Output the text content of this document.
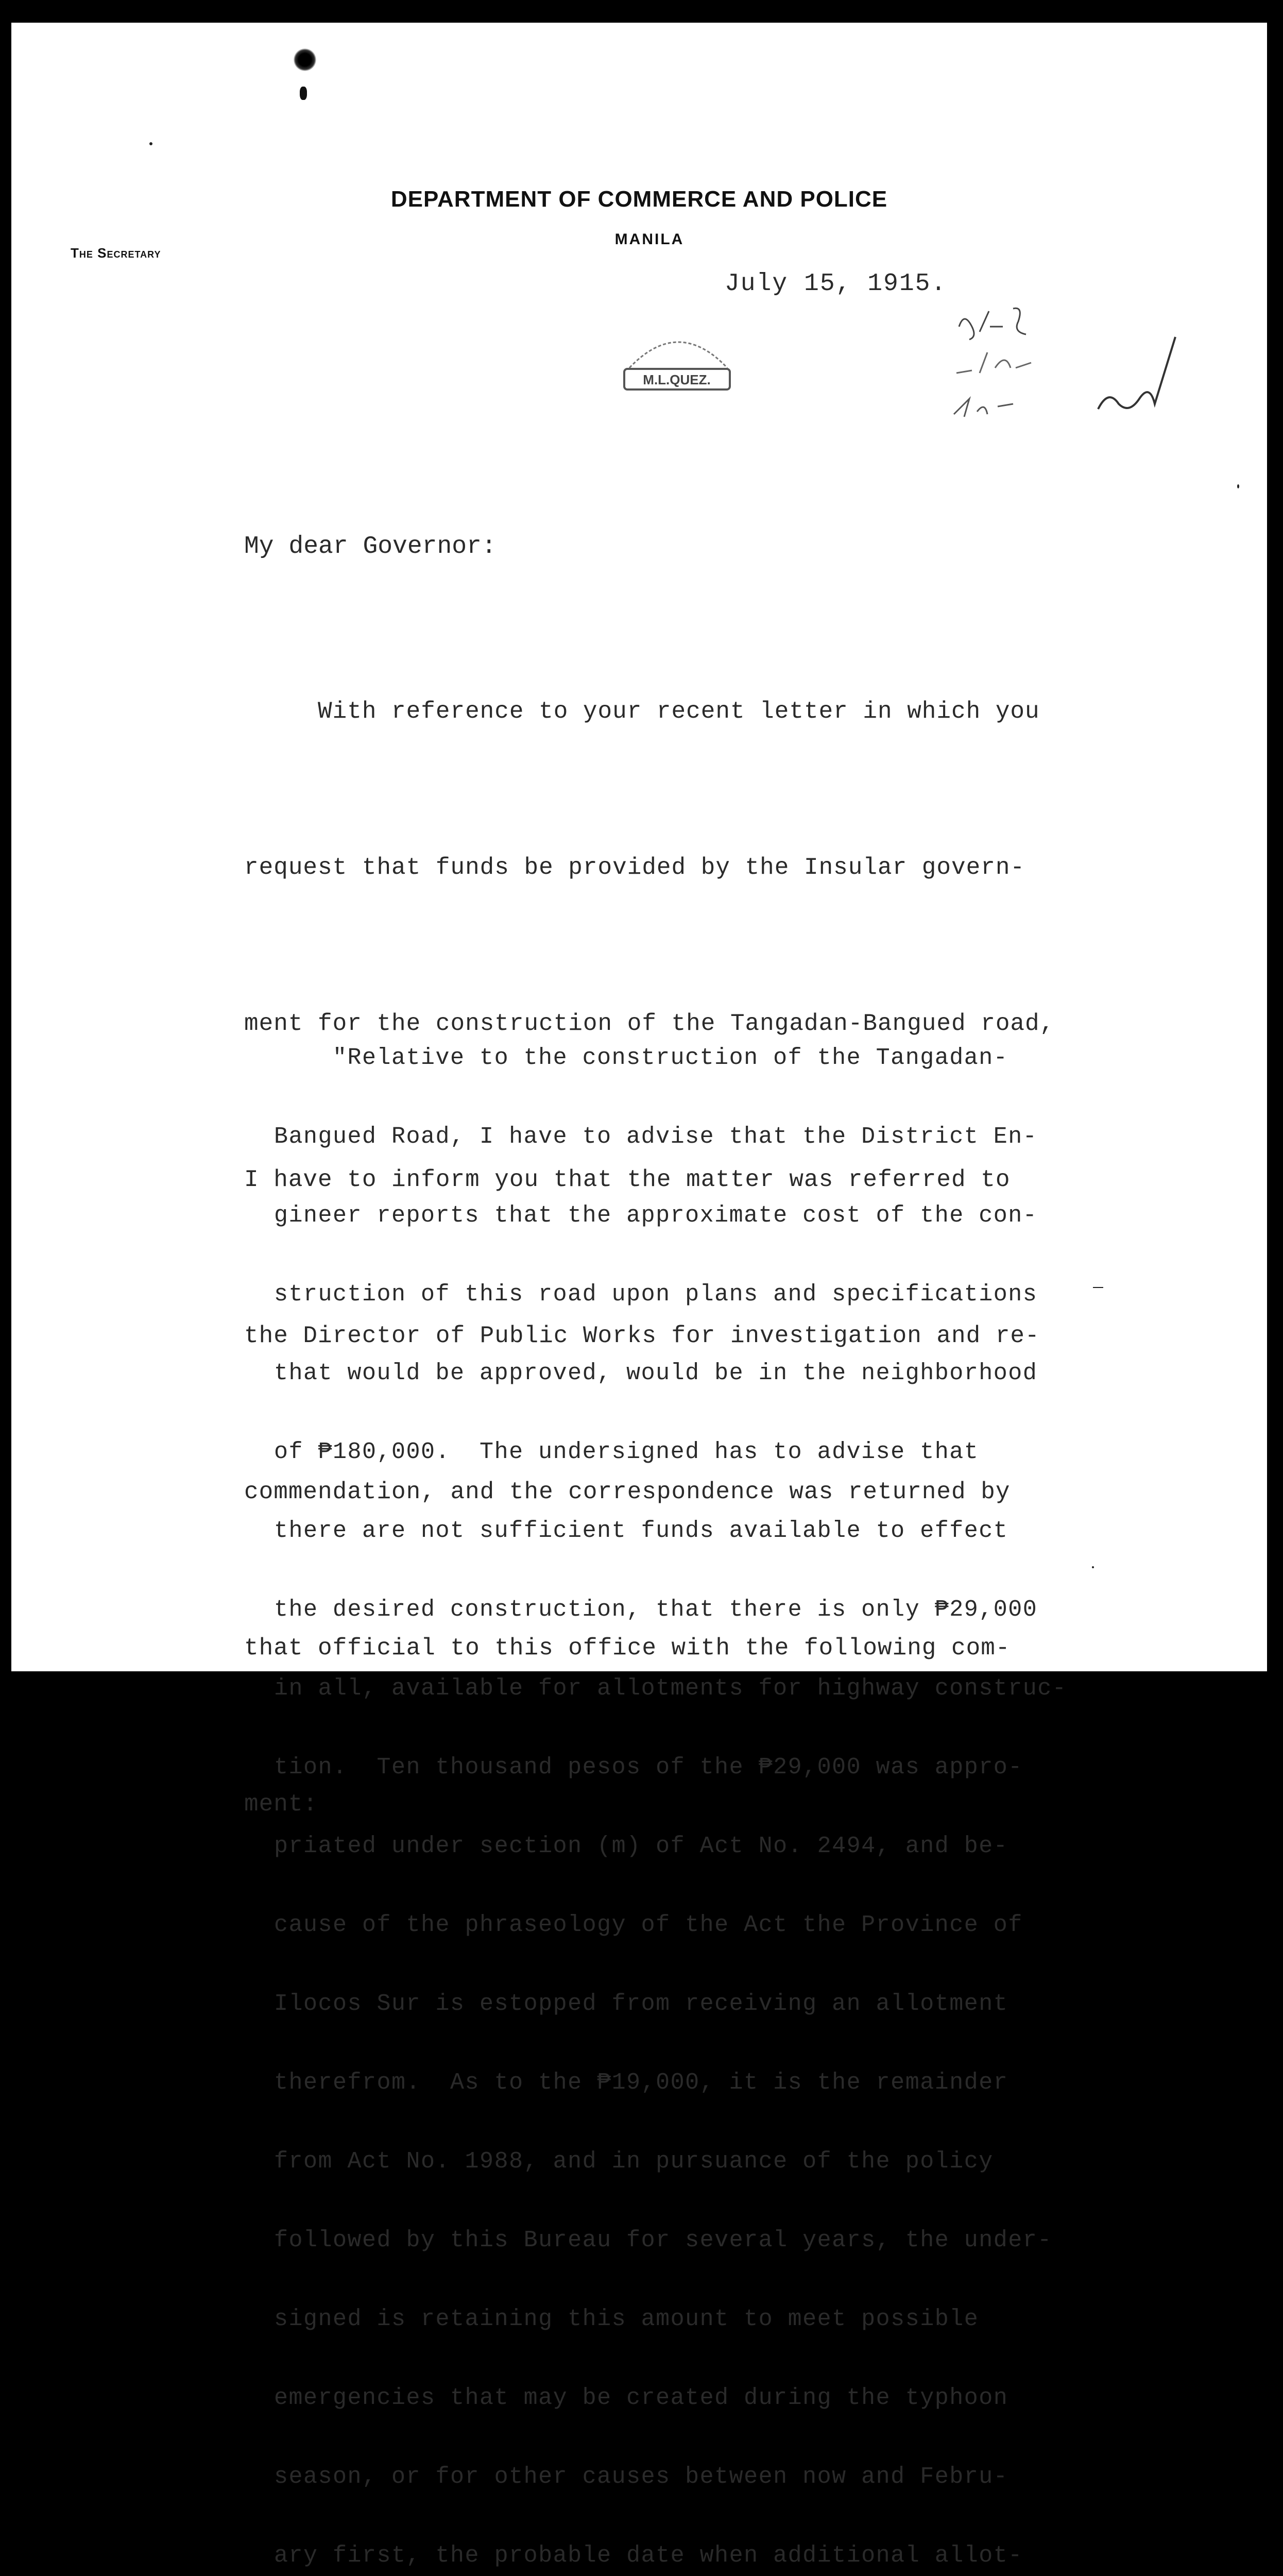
DEPARTMENT OF COMMERCE AND POLICE
MANILA
The Secretary
July 15, 1915.
M.L.QUEZ.
My dear Governor:

With reference to your recent letter in which you

request that funds be provided by the Insular govern-

ment for the construction of the Tangadan-Bangued road,

I have to inform you that the matter was referred to

the Director of Public Works for investigation and re-

commendation, and the correspondence was returned by

that official to this office with the following com-

ment:

"Relative to the construction of the Tangadan-

Bangued Road, I have to advise that the District En-

gineer reports that the approximate cost of the con-

struction of this road upon plans and specifications

that would be approved, would be in the neighborhood

of ₱180,000.  The undersigned has to advise that

there are not sufficient funds available to effect

the desired construction, that there is only ₱29,000

in all, available for allotments for highway construc-

tion.  Ten thousand pesos of the ₱29,000 was appro-

priated under section (m) of Act No. 2494, and be-

cause of the phraseology of the Act the Province of

Ilocos Sur is estopped from receiving an allotment

therefrom.  As to the ₱19,000, it is the remainder

from Act No. 1988, and in pursuance of the policy

followed by this Bureau for several years, the under-

signed is retaining this amount to meet possible

emergencies that may be created during the typhoon

season, or for other causes between now and Febru-

ary first, the probable date when additional allot-
